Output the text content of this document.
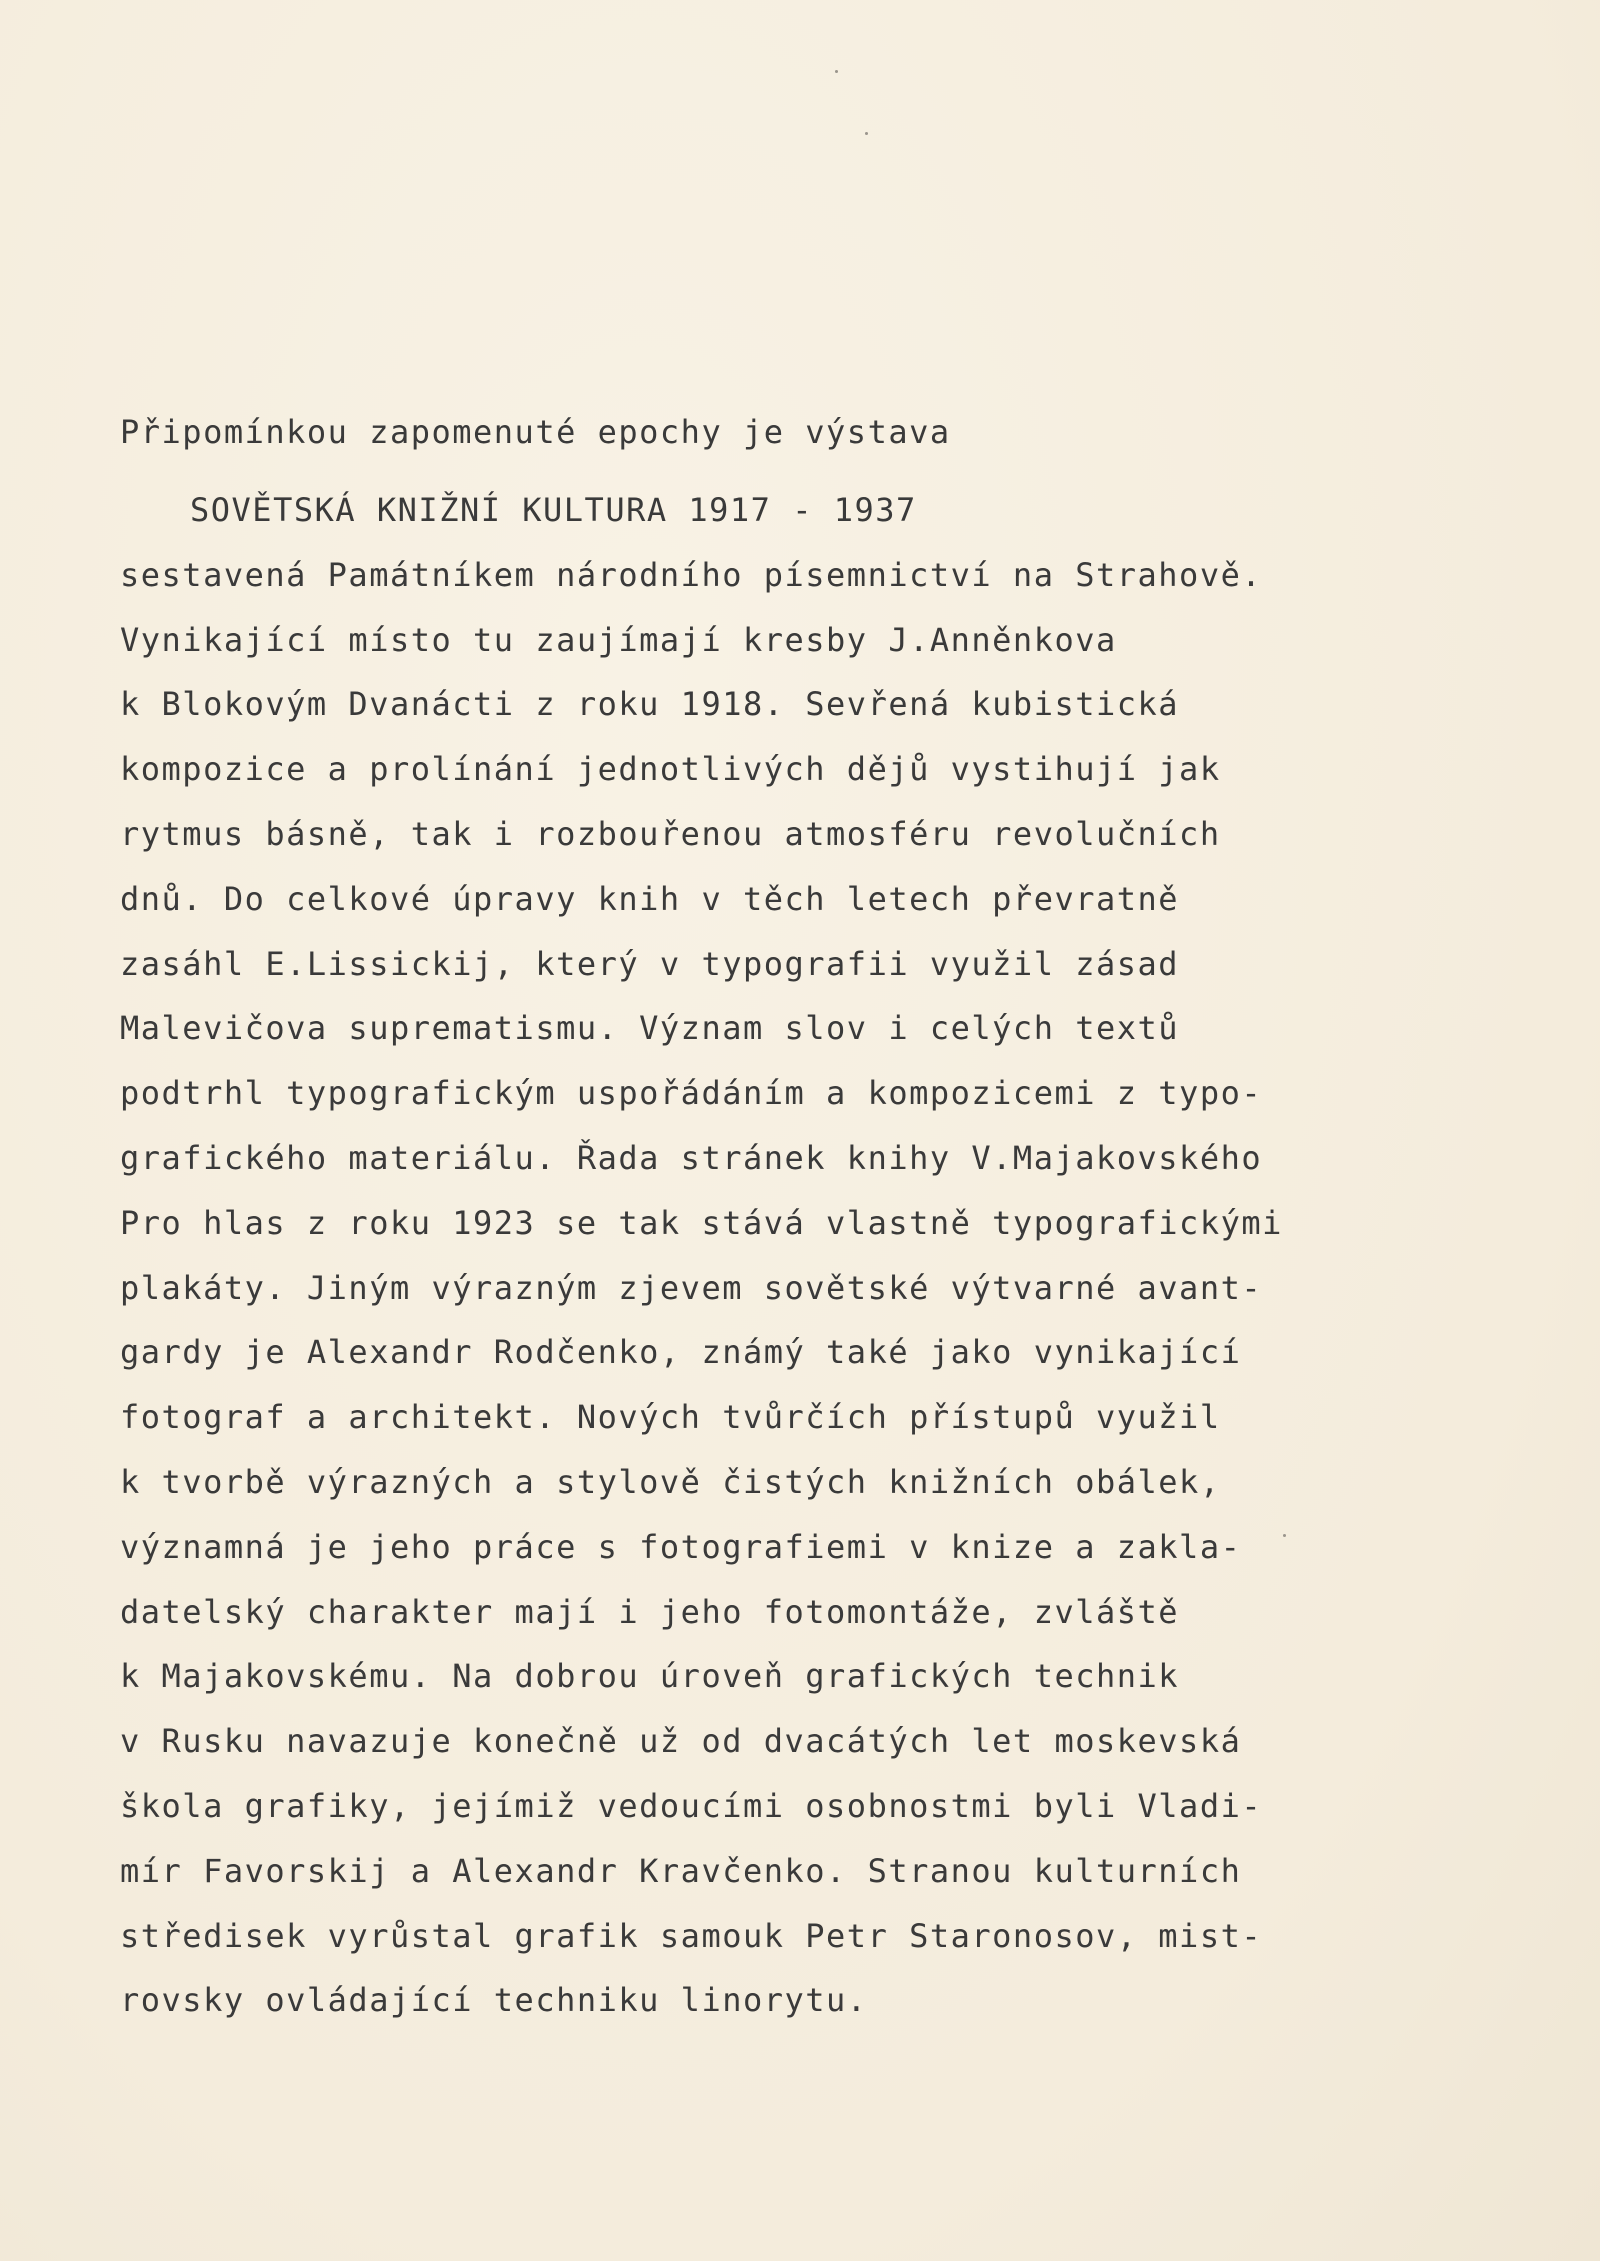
Připomínkou zapomenuté epochy je výstava
SOVĚTSKÁ KNIŽNÍ KULTURA 1917 - 1937
sestavená Památníkem národního písemnictví na Strahově.
Vynikající místo tu zaujímají kresby J.Anněnkova
k Blokovým Dvanácti z roku 1918. Sevřená kubistická
kompozice a prolínání jednotlivých dějů vystihují jak
rytmus básně, tak i rozbouřenou atmosféru revolučních
dnů. Do celkové úpravy knih v těch letech převratně
zasáhl E.Lissickij, který v typografii využil zásad
Malevičova suprematismu. Význam slov i celých textů
podtrhl typografickým uspořádáním a kompozicemi z typo-
grafického materiálu. Řada stránek knihy V.Majakovského
Pro hlas z roku 1923 se tak stává vlastně typografickými
plakáty. Jiným výrazným zjevem sovětské výtvarné avant-
gardy je Alexandr Rodčenko, známý také jako vynikající
fotograf a architekt. Nových tvůrčích přístupů využil
k tvorbě výrazných a stylově čistých knižních obálek,
významná je jeho práce s fotografiemi v knize a zakla-
datelský charakter mají i jeho fotomontáže, zvláště
k Majakovskému. Na dobrou úroveň grafických technik
v Rusku navazuje konečně už od dvacátých let moskevská
škola grafiky, jejímiž vedoucími osobnostmi byli Vladi-
mír Favorskij a Alexandr Kravčenko. Stranou kulturních
středisek vyrůstal grafik samouk Petr Staronosov, mist-
rovsky ovládající techniku linorytu.
